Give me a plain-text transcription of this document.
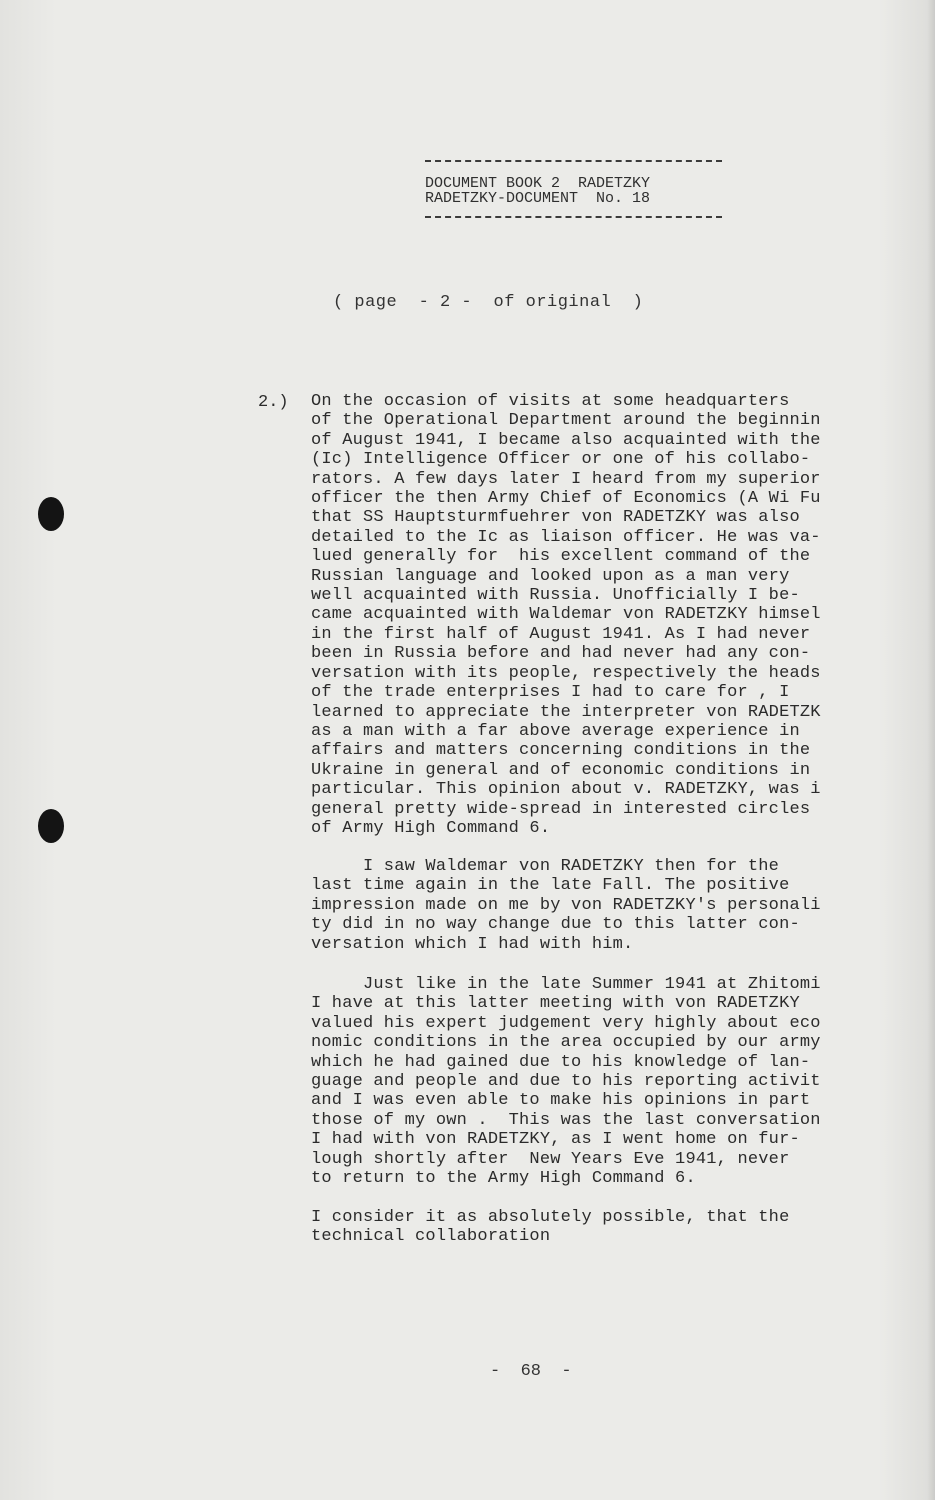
DOCUMENT BOOK 2  RADETZKY
RADETZKY-DOCUMENT  No. 18
( page  - 2 -  of original  )
2.) On the occasion of visits at some headquarters
of the Operational Department around the beginnin
of August 1941, I became also acquainted with the
(Ic) Intelligence Officer or one of his collabo-
rators. A few days later I heard from my superior
officer the then Army Chief of Economics (A Wi Fu
that SS Hauptsturmfuehrer von RADETZKY was also
detailed to the Ic as liaison officer. He was va-
lued generally for  his excellent command of the
Russian language and looked upon as a man very
well acquainted with Russia. Unofficially I be-
came acquainted with Waldemar von RADETZKY himsel
in the first half of August 1941. As I had never
been in Russia before and had never had any con-
versation with its people, respectively the heads
of the trade enterprises I had to care for , I
learned to appreciate the interpreter von RADETZK
as a man with a far above average experience in
affairs and matters concerning conditions in the
Ukraine in general and of economic conditions in
particular. This opinion about v. RADETZKY, was i
general pretty wide-spread in interested circles
of Army High Command 6.
I saw Waldemar von RADETZKY then for the
last time again in the late Fall. The positive
impression made on me by von RADETZKY's personali
ty did in no way change due to this latter con-
versation which I had with him.
Just like in the late Summer 1941 at Zhitomi
I have at this latter meeting with von RADETZKY
valued his expert judgement very highly about eco
nomic conditions in the area occupied by our army
which he had gained due to his knowledge of lan-
guage and people and due to his reporting activit
and I was even able to make his opinions in part
those of my own .  This was the last conversation
I had with von RADETZKY, as I went home on fur-
lough shortly after  New Years Eve 1941, never
to return to the Army High Command 6.
I consider it as absolutely possible, that the
technical collaboration
-  68  -
